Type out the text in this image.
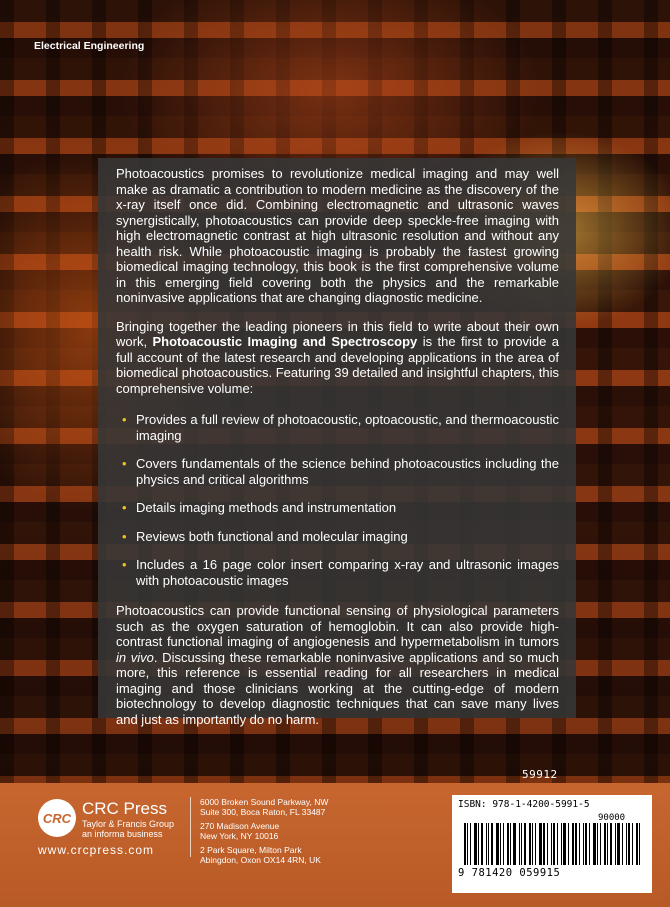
Electrical Engineering

Photoacoustics promises to revolutionize medical imaging and may well make as dramatic a contribution to modern medicine as the discovery of the x-ray itself once did. Combining electromagnetic and ultrasonic waves synergistically, photoacoustics can provide deep speckle-free imaging with high electromagnetic contrast at high ultrasonic resolution and without any health risk. While photoacoustic imaging is probably the fastest growing biomedical imaging technology, this book is the first comprehensive volume in this emerging field covering both the physics and the remarkable noninvasive applications that are changing diagnostic medicine.

Bringing together the leading pioneers in this field to write about their own work, Photoacoustic Imaging and Spectroscopy is the first to provide a full account of the latest research and developing applications in the area of biomedical photoacoustics. Featuring 39 detailed and insightful chapters, this comprehensive volume:

• Provides a full review of photoacoustic, optoacoustic, and thermoacoustic imaging
• Covers fundamentals of the science behind photoacoustics including the physics and critical algorithms
• Details imaging methods and instrumentation
• Reviews both functional and molecular imaging
• Includes a 16 page color insert comparing x-ray and ultrasonic images with photoacoustic images

Photoacoustics can provide functional sensing of physiological parameters such as the oxygen saturation of hemoglobin. It can also provide high-contrast functional imaging of angiogenesis and hypermetabolism in tumors in vivo. Discussing these remarkable noninvasive applications and so much more, this reference is essential reading for all researchers in medical imaging and those clinicians working at the cutting-edge of modern biotechnology to develop diagnostic techniques that can save many lives and just as importantly do no harm.

59912
CRC CRC Press
Taylor & Francis Group
an informa business
www.crcpress.com
6000 Broken Sound Parkway, NW
Suite 300, Boca Raton, FL 33487
270 Madison Avenue
New York, NY 10016
2 Park Square, Milton Park
Abingdon, Oxon OX14 4RN, UK
ISBN: 978-1-4200-5991-5
90000
9 781420 059915
